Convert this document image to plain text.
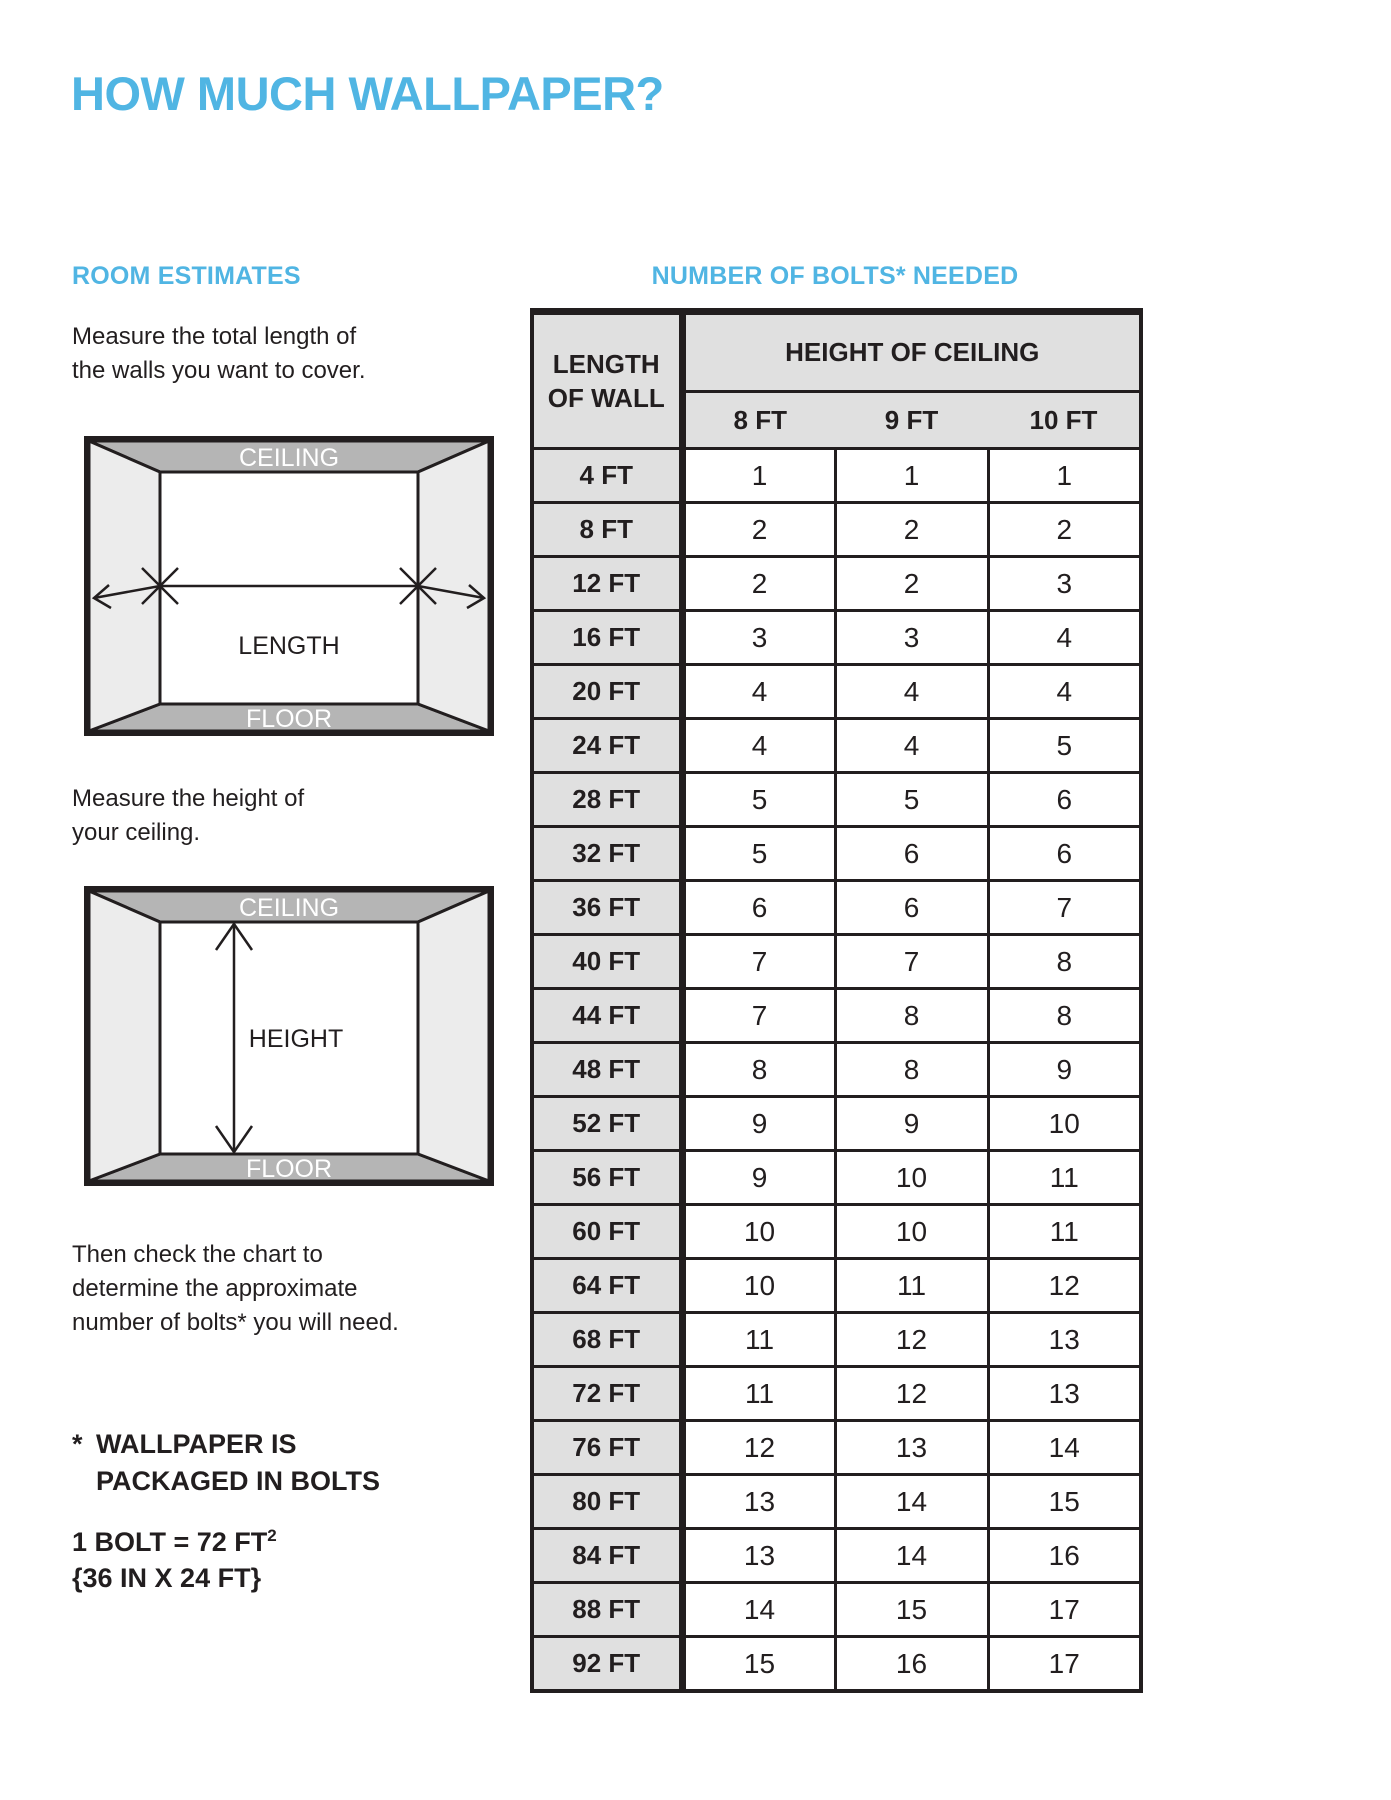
HOW MUCH WALLPAPER?
ROOM ESTIMATES
Measure the total length of
the walls you want to cover.
CEILING
FLOOR
LENGTH
Measure the height of
your ceiling.
CEILING
FLOOR
HEIGHT
Then check the chart to
determine the approximate
number of bolts* you will need.
* WALLPAPER IS
PACKAGED IN BOLTS
1 BOLT = 72 $FT^2$
{36 IN X 24 FT}
NUMBER OF BOLTS* NEEDED
LENGTH
OF WALL	HEIGHT OF CEILING		
	8 FT	9 FT	10 FT
4 FT	1	1	1
8 FT	2	2	2
12 FT	2	2	3
16 FT	3	3	4
20 FT	4	4	4
24 FT	4	4	5
28 FT	5	5	6
32 FT	5	6	6
36 FT	6	6	7
40 FT	7	7	8
44 FT	7	8	8
48 FT	8	8	9
52 FT	9	9	10
56 FT	9	10	11
60 FT	10	10	11
64 FT	10	11	12
68 FT	11	12	13
72 FT	11	12	13
76 FT	12	13	14
80 FT	13	14	15
84 FT	13	14	16
88 FT	14	15	17
92 FT	15	16	17
